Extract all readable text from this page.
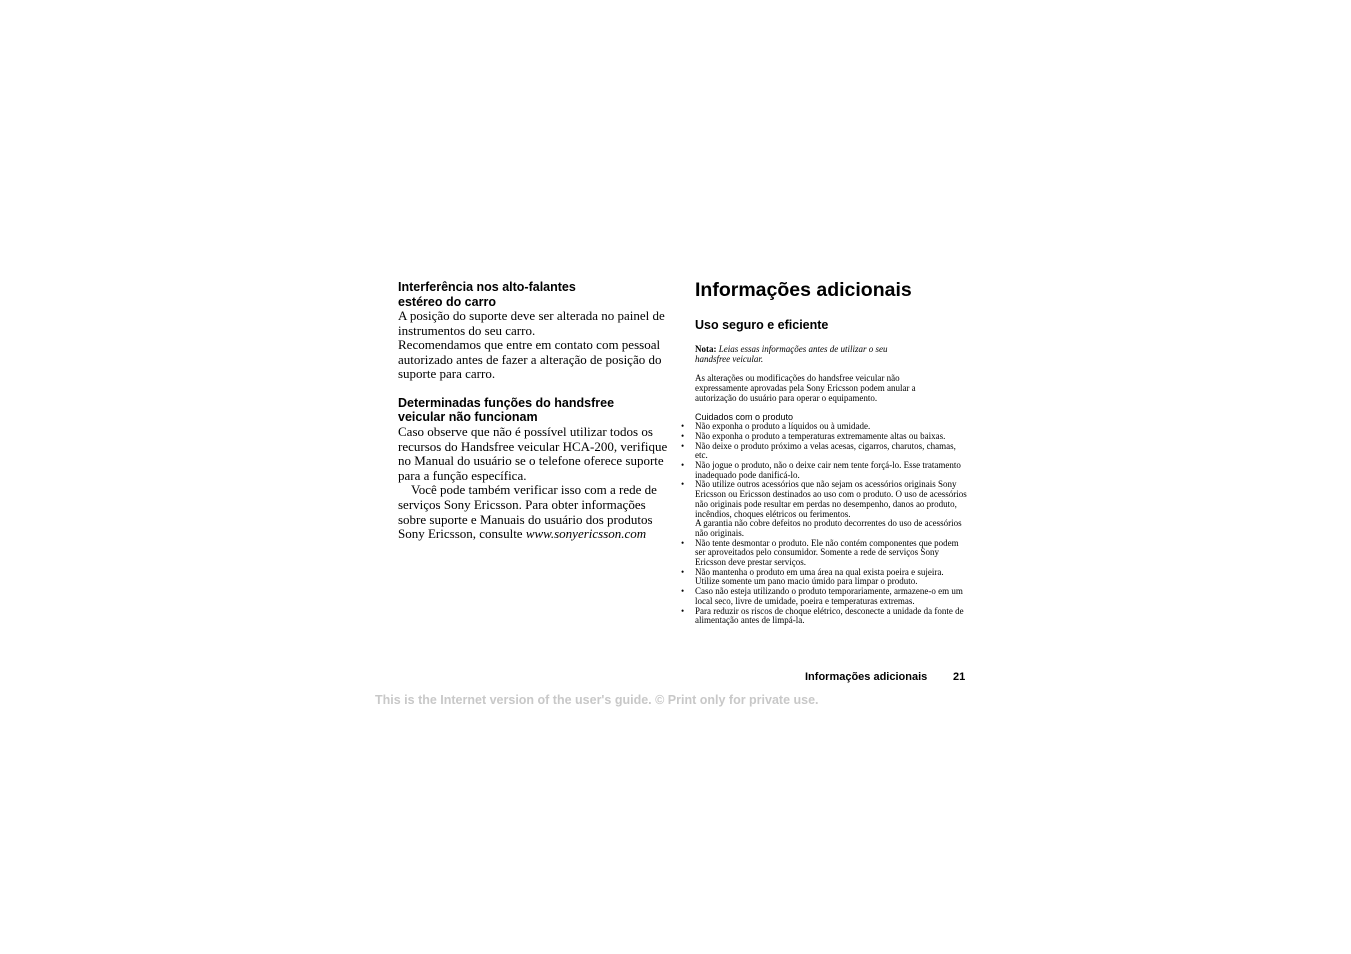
Interferência nos alto-falantes
estéreo do carro

A posição do suporte deve ser alterada no painel de instrumentos do seu carro.

Recomendamos que entre em contato com pessoal autorizado antes de fazer a alteração de posição do suporte para carro.

Determinadas funções do handsfree
veicular não funcionam

Caso observe que não é possível utilizar todos os recursos do Handsfree veicular HCA-200, verifique no Manual do usuário se o telefone oferece suporte para a função específica.

Você pode também verificar isso com a rede de serviços Sony Ericsson. Para obter informações sobre suporte e Manuais do usuário dos produtos Sony Ericsson, consulte www.sonyericsson.com

Informações adicionais
Uso seguro e eficiente

Nota: Leias essas informações antes de utilizar o seu handsfree veicular.

As alterações ou modificações do handsfree veicular não expressamente aprovadas pela Sony Ericsson podem anular a autorização do usuário para operar o equipamento.

Cuidados com o produto

• Não exponha o produto a líquidos ou à umidade.
• Não exponha o produto a temperaturas extremamente altas ou baixas.
• Não deixe o produto próximo a velas acesas, cigarros, charutos, chamas, etc.
• Não jogue o produto, não o deixe cair nem tente forçá-lo. Esse tratamento inadequado pode danificá-lo.
• Não utilize outros acessórios que não sejam os acessórios originais Sony Ericsson ou Ericsson destinados ao uso com o produto. O uso de acessórios não originais pode resultar em perdas no desempenho, danos ao produto, incêndios, choques elétricos ou ferimentos.
A garantia não cobre defeitos no produto decorrentes do uso de acessórios não originais.
• Não tente desmontar o produto. Ele não contém componentes que podem ser aproveitados pelo consumidor. Somente a rede de serviços Sony Ericsson deve prestar serviços.
• Não mantenha o produto em uma área na qual exista poeira e sujeira. Utilize somente um pano macio úmido para limpar o produto.
• Caso não esteja utilizando o produto temporariamente, armazene-o em um local seco, livre de umidade, poeira e temperaturas extremas.
• Para reduzir os riscos de choque elétrico, desconecte a unidade da fonte de alimentação antes de limpá-la.
Informações adicionais 21
This is the Internet version of the user's guide. © Print only for private use.
